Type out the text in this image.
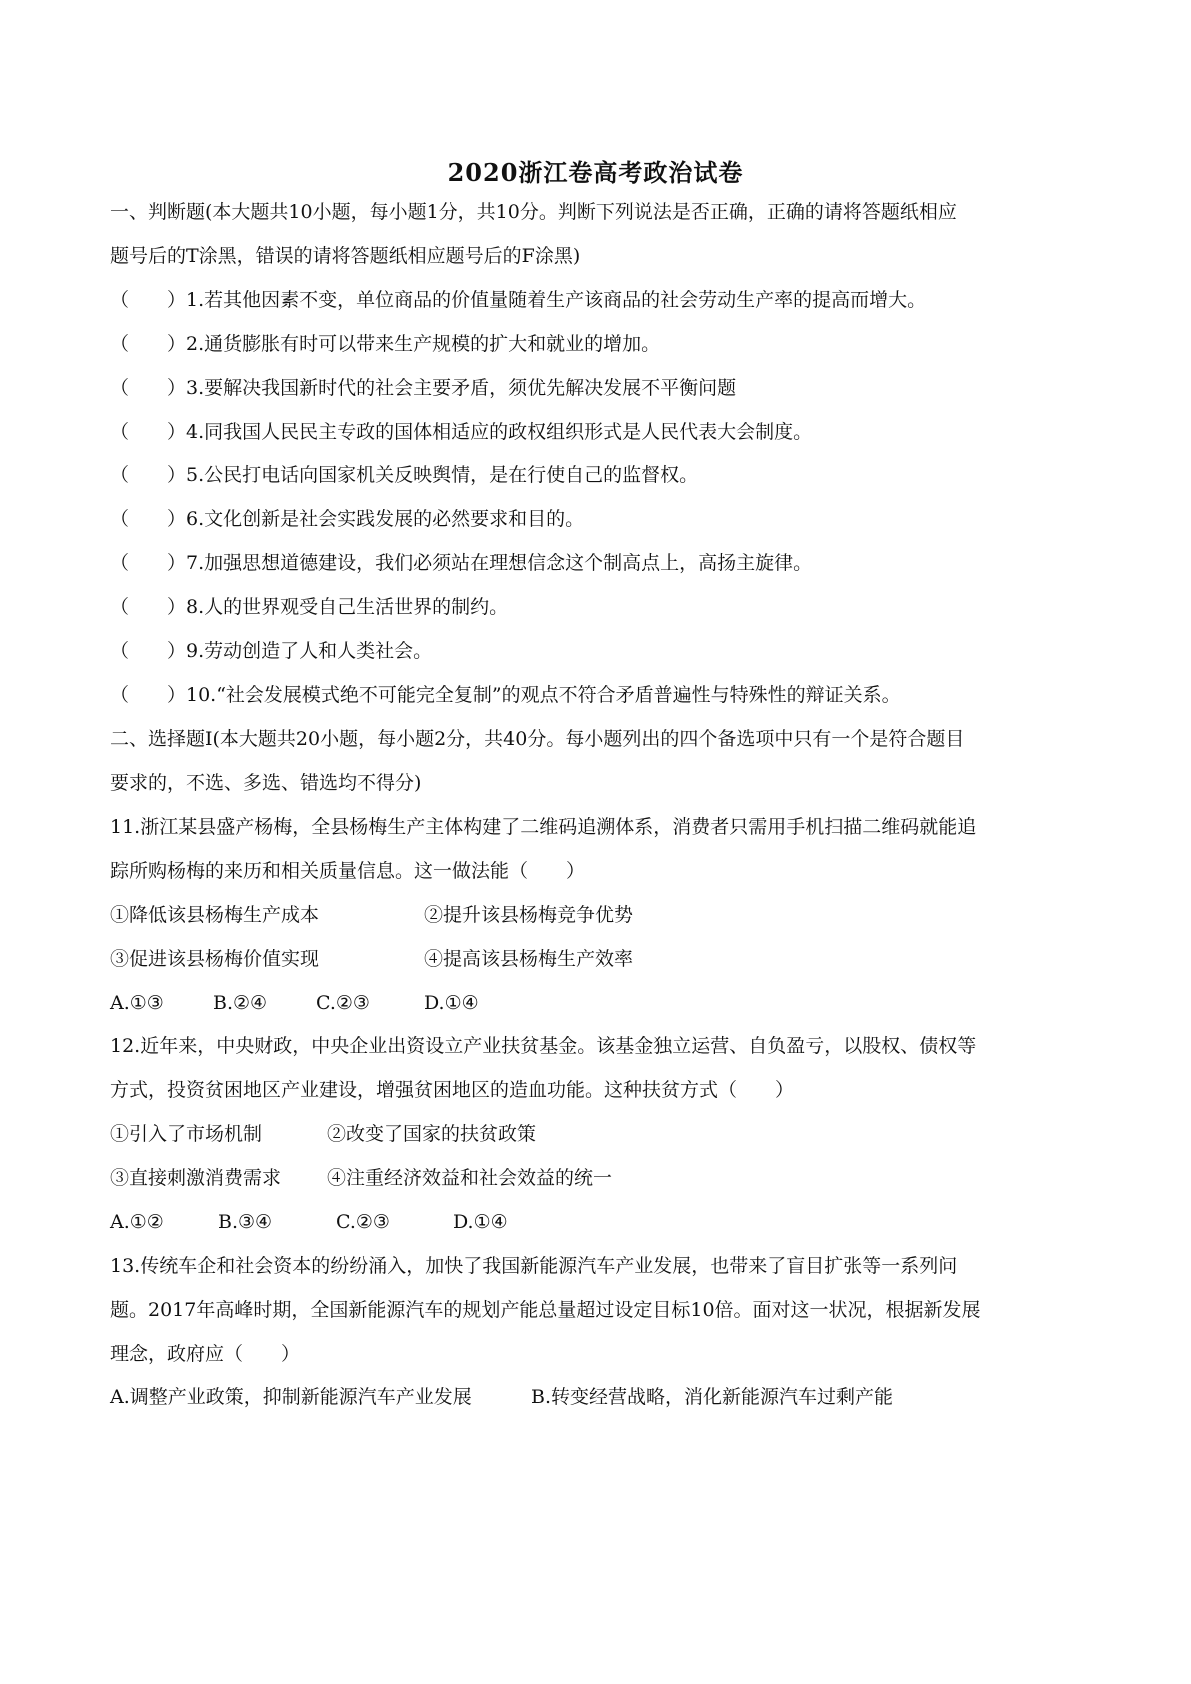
2020浙江卷高考政治试卷

一、判断题(本大题共10小题，每小题1分，共10分。判断下列说法是否正确，正确的请将答题纸相应

题号后的T涂黑，错误的请将答题纸相应题号后的F涂黑)

（　　）1.若其他因素不变，单位商品的价值量随着生产该商品的社会劳动生产率的提高而增大。

（　　）2.通货膨胀有时可以带来生产规模的扩大和就业的增加。

（　　）3.要解决我国新时代的社会主要矛盾，须优先解决发展不平衡问题

（　　）4.同我国人民民主专政的国体相适应的政权组织形式是人民代表大会制度。

（　　）5.公民打电话向国家机关反映舆情，是在行使自己的监督权。

（　　）6.文化创新是社会实践发展的必然要求和目的。

（　　）7.加强思想道德建设，我们必须站在理想信念这个制高点上，高扬主旋律。

（　　）8.人的世界观受自己生活世界的制约。

（　　）9.劳动创造了人和人类社会。

（　　）10.“社会发展模式绝不可能完全复制”的观点不符合矛盾普遍性与特殊性的辩证关系。

二、选择题Ⅰ(本大题共20小题，每小题2分，共40分。每小题列出的四个备选项中只有一个是符合题目

要求的，不选、多选、错选均不得分)

11.浙江某县盛产杨梅，全县杨梅生产主体构建了二维码追溯体系，消费者只需用手机扫描二维码就能追

踪所购杨梅的来历和相关质量信息。这一做法能（　　）

①降低该县杨梅生产成本	②提升该县杨梅竞争优势
③促进该县杨梅价值实现	④提高该县杨梅生产效率
A.①③	B.②④	C.②③	D.①④

12.近年来，中央财政，中央企业出资设立产业扶贫基金。该基金独立运营、自负盈亏，以股权、债权等

方式，投资贫困地区产业建设，增强贫困地区的造血功能。这种扶贫方式（　　）

①引入了市场机制	②改变了国家的扶贫政策
③直接刺激消费需求 ④注重经济效益和社会效益的统一
A.①②	B.③④	C.②③	D.①④

13.传统车企和社会资本的纷纷涌入，加快了我国新能源汽车产业发展，也带来了盲目扩张等一系列问

题。2017年高峰时期，全国新能源汽车的规划产能总量超过设定目标10倍。面对这一状况，根据新发展

理念，政府应（　　）

A.调整产业政策，抑制新能源汽车产业发展	B.转变经营战略，消化新能源汽车过剩产能
